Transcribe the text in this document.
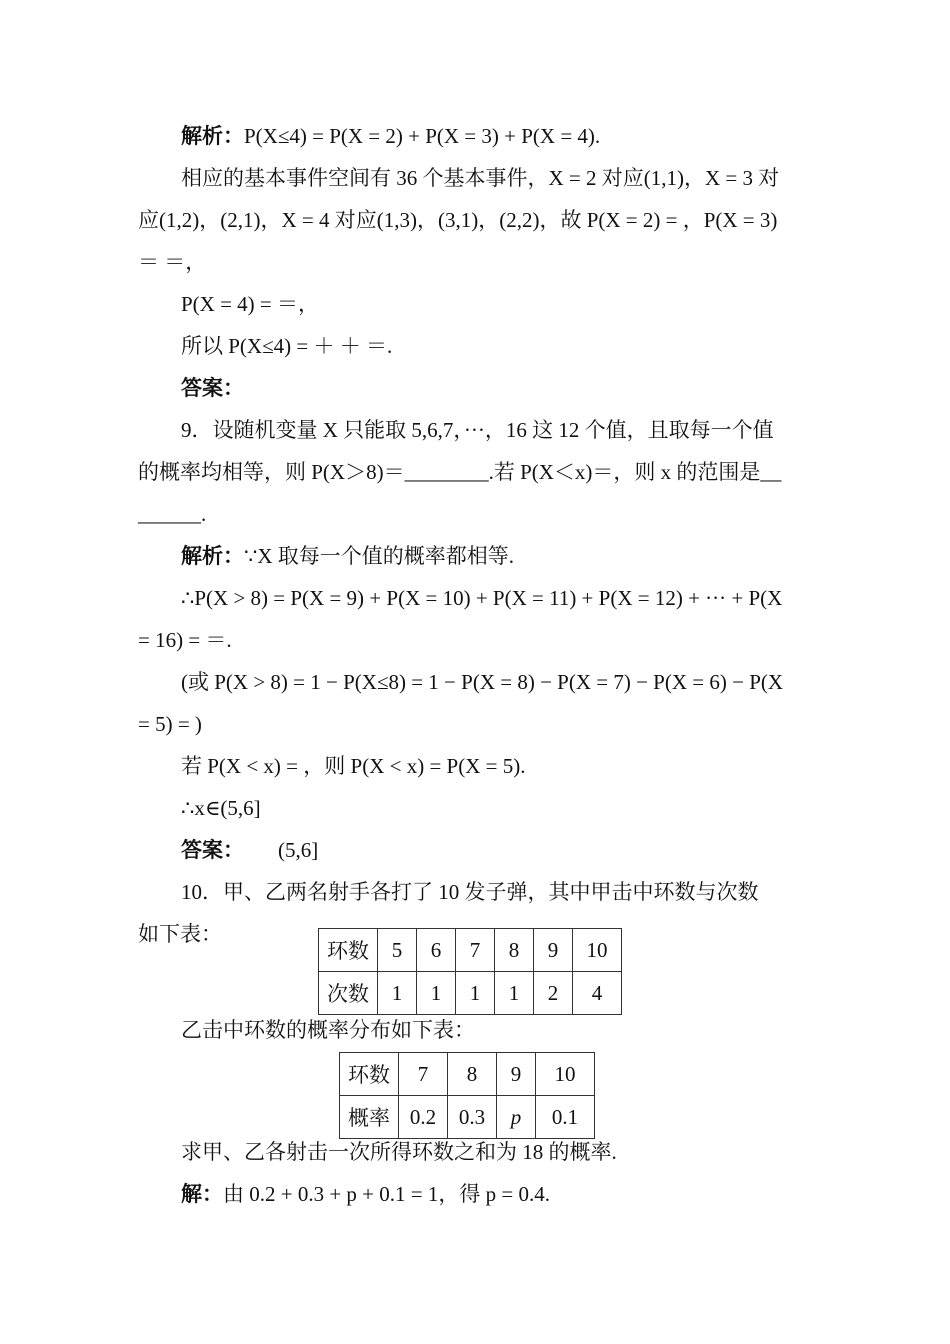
解析：P(X≤4) = P(X = 2) + P(X = 3) + P(X = 4).
相应的基本事件空间有 36 个基本事件，X = 2 对应(1,1)，X = 3 对
应(1,2)，(2,1)，X = 4 对应(1,3)，(3,1)，(2,2)，故 P(X = 2) = ，P(X = 3)
＝ ＝，
P(X = 4) = ＝，
所以 P(X≤4) = ＋ ＋ ＝.
答案：
9．设随机变量 X 只能取 5,6,7，···，16 这 12 个值，且取每一个值
的概率均相等，则 P(X＞8)＝________.若 P(X＜x)＝，则 x 的范围是__
______.
解析：∵X 取每一个值的概率都相等.
∴P(X > 8) = P(X = 9) + P(X = 10) + P(X = 11) + P(X = 12) + ··· + P(X
= 16) = ＝.
(或 P(X > 8) = 1 − P(X≤8) = 1 − P(X = 8) − P(X = 7) − P(X = 6) − P(X
= 5) = )
若 P(X < x) = ，则 P(X < x) = P(X = 5).
∴x∈(5,6]
答案： (5,6]
10．甲、乙两名射手各打了 10 发子弹，其中甲击中环数与次数
如下表：
环数	5	6	7	8	9	10
次数	1	1	1	1	2	4
乙击中环数的概率分布如下表：
环数	7	8	9	10
概率	0.2	0.3	p	0.1
求甲、乙各射击一次所得环数之和为 18 的概率.
解：由 0.2 + 0.3 + p + 0.1 = 1，得 p = 0.4.
